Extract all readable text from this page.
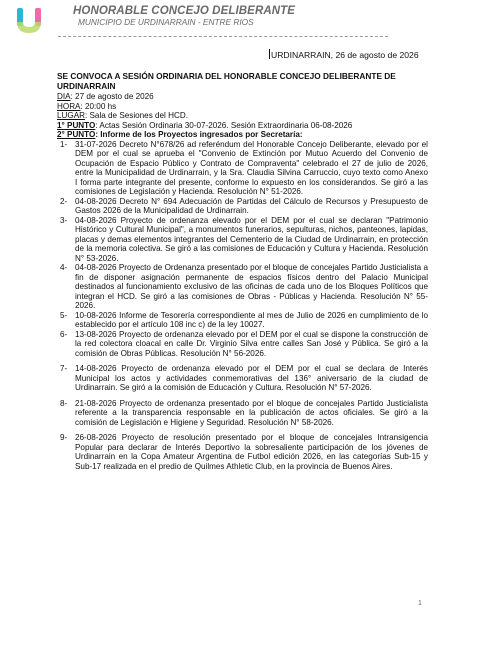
HONORABLE CONCEJO DELIBERANTE
MUNICIPIO DE URDINARRAIN - ENTRE RIOS
URDINARRAIN, 26 de agosto de 2026
SE CONVOCA A SESIÓN ORDINARIA DEL HONORABLE CONCEJO DELIBERANTE DE URDINARRAIN
DIA: 27 de agosto de 2026
HORA: 20:00 hs
LUGAR: Sala de Sesiones del HCD.
1° PUNTO: Actas Sesión Ordinaria 30-07-2026. Sesión Extraordinaria 06-08-2026
2° PUNTO: Informe de los Proyectos ingresados por Secretaría:
1- 31-07-2026 Decreto N°678/26 ad referéndum del Honorable Concejo Deliberante, elevado por el DEM por el cual se aprueba el "Convenio de Extinción por Mutuo Acuerdo del Convenio de Ocupación de Espacio Público y Contrato de Compraventa" celebrado el 27 de julio de 2026, entre la Municipalidad de Urdinarrain, y la Sra. Claudia Silvina Carruccio, cuyo texto como Anexo I forma parte integrante del presente, conforme lo expuesto en los considerandos. Se giró a las comisiones de Legislación y Hacienda. Resolución N° 51-2026.
2- 04-08-2026 Decreto N° 694 Adecuación de Partidas del Cálculo de Recursos y Presupuesto de Gastos 2026 de la Municipalidad de Urdinarrain.
3- 04-08-2026 Proyecto de ordenanza elevado por el DEM por el cual se declaran "Patrimonio Histórico y Cultural Municipal", a monumentos funerarios, sepulturas, nichos, panteones, lapidas, placas y demas elementos integrantes del Cementerio de la Ciudad de Urdinarrain, en protección de la memoria colectiva. Se giró a las comisiones de Educación y Cultura y Hacienda. Resolución N° 53-2026.
4- 04-08-2026 Proyecto de Ordenanza presentado por el bloque de concejales Partido Justicialista a fin de disponer asignación permanente de espacios físicos dentro del Palacio Municipal destinados al funcionamiento exclusivo de las oficinas de cada uno de los Bloques Políticos que integran el HCD. Se giró a las comisiones de Obras - Públicas y Hacienda. Resolución N° 55-2026.
5- 10-08-2026 Informe de Tesorería correspondiente al mes de Julio de 2026 en cumplimiento de lo establecido por el artículo 108 inc c) de la ley 10027.
6- 13-08-2026 Proyecto de ordenanza elevado por el DEM por el cual se dispone la construcción de la red colectora cloacal en calle Dr. Virginio Silva entre calles San José y Pública. Se giró a la comisión de Obras Públicas. Resolución N° 56-2026.
7- 14-08-2026 Proyecto de ordenanza elevado por el DEM por el cual se declara de Interés Municipal los actos y actividades conmemorativas del 136° aniversario de la ciudad de Urdinarrain. Se giró a la comisión de Educación y Cultura. Resolución N° 57-2026.
8- 21-08-2026 Proyecto de ordenanza presentado por el bloque de concejales Partido Justicialista referente a la transparencia responsable en la publicación de actos oficiales. Se giró a la comisión de Legislación e Higiene y Seguridad. Resolución N° 58-2026.
9- 26-08-2026 Proyecto de resolución presentado por el bloque de concejales Intransigencia Popular para declarar de Interés Deportivo la sobresaliente participación de los jóvenes de Urdinarrain en la Copa Amateur Argentina de Futbol edición 2026, en las categorías Sub-15 y Sub-17 realizada en el predio de Quilmes Athletic Club, en la provincia de Buenos Aires.
1
